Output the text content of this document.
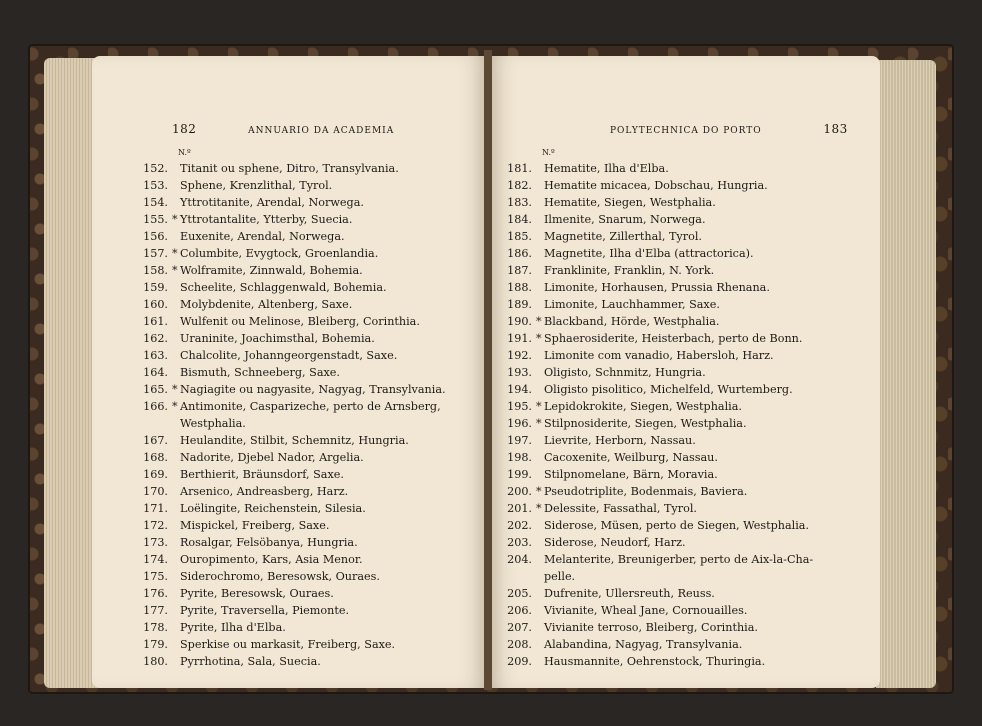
182	ANNUARIO DA ACADEMIA
N.º
152. Titanit ou sphene, Ditro, Transylvania.
153. Sphene, Krenzlithal, Tyrol.
154. Yttrotitanite, Arendal, Norwega.
155. * Yttrotantalite, Ytterby, Suecia.
156. Euxenite, Arendal, Norwega.
157. * Columbite, Evygtock, Groenlandia.
158. * Wolframite, Zinnwald, Bohemia.
159. Scheelite, Schlaggenwald, Bohemia.
160. Molybdenite, Altenberg, Saxe.
161. Wulfenit ou Melinose, Bleiberg, Corinthia.
162. Uraninite, Joachimsthal, Bohemia.
163. Chalcolite, Johanngeorgenstadt, Saxe.
164. Bismuth, Schneeberg, Saxe.
165. * Nagiagite ou nagyasite, Nagyag, Transylvania.
166. * Antimonite, Casparizeche, perto de Arnsberg,
Westphalia.
167. Heulandite, Stilbit, Schemnitz, Hungria.
168. Nadorite, Djebel Nador, Argelia.
169. Berthierit, Bräunsdorf, Saxe.
170. Arsenico, Andreasberg, Harz.
171. Loëlingite, Reichenstein, Silesia.
172. Mispickel, Freiberg, Saxe.
173. Rosalgar, Felsöbanya, Hungria.
174. Ouropimento, Kars, Asia Menor.
175. Siderochromo, Beresowsk, Ouraes.
176. Pyrite, Beresowsk, Ouraes.
177. Pyrite, Traversella, Piemonte.
178. Pyrite, Ilha d'Elba.
179. Sperkise ou markasit, Freiberg, Saxe.
180. Pyrrhotina, Sala, Suecia.
POLYTECHNICA DO PORTO	183
N.º
181. Hematite, Ilha d'Elba.
182. Hematite micacea, Dobschau, Hungria.
183. Hematite, Siegen, Westphalia.
184. Ilmenite, Snarum, Norwega.
185. Magnetite, Zillerthal, Tyrol.
186. Magnetite, Ilha d'Elba (attractorica).
187. Franklinite, Franklin, N. York.
188. Limonite, Horhausen, Prussia Rhenana.
189. Limonite, Lauchhammer, Saxe.
190. * Blackband, Hörde, Westphalia.
191. * Sphaerosiderite, Heisterbach, perto de Bonn.
192. Limonite com vanadio, Habersloh, Harz.
193. Oligisto, Schnmitz, Hungria.
194. Oligisto pisolitico, Michelfeld, Wurtemberg.
195. * Lepidokrokite, Siegen, Westphalia.
196. * Stilpnosiderite, Siegen, Westphalia.
197. Lievrite, Herborn, Nassau.
198. Cacoxenite, Weilburg, Nassau.
199. Stilpnomelane, Bärn, Moravia.
200. * Pseudotriplite, Bodenmais, Baviera.
201. * Delessite, Fassathal, Tyrol.
202. Siderose, Müsen, perto de Siegen, Westphalia.
203. Siderose, Neudorf, Harz.
204. Melanterite, Breunigerber, perto de Aix-la-Cha-
pelle.
205. Dufrenite, Ullersreuth, Reuss.
206. Vivianite, Wheal Jane, Cornouailles.
207. Vivianite terroso, Bleiberg, Corinthia.
208. Alabandina, Nagyag, Transylvania.
209. Hausmannite, Oehrenstock, Thuringia.
